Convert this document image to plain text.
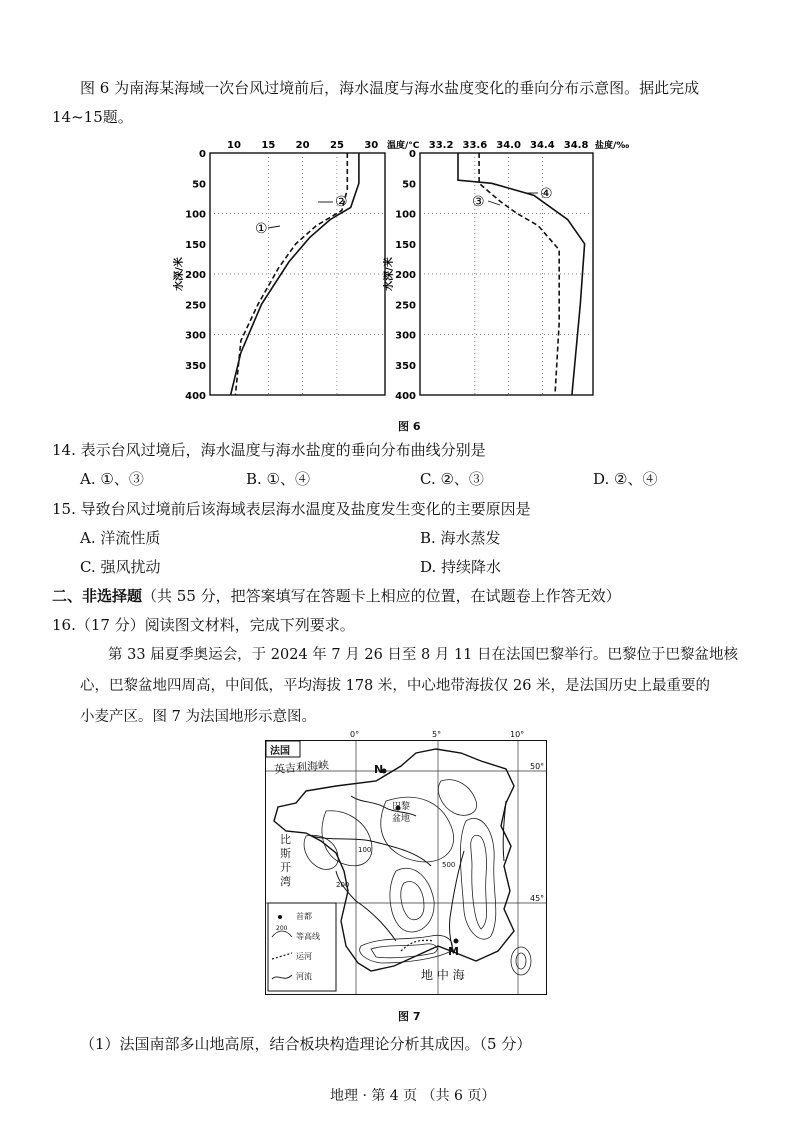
图 6 为南海某海域一次台风过境前后，海水温度与海水盐度变化的垂向分布示意图。据此完成
14~15题。
10 15 20 25 30 温度/°C
0
50
100
150
200
250
300
350
400
水深/米
①
②
33.2 33.6 34.0 34.4 34.8 盐度/‰
0
50
100
150
200
250
300
350
400
水深/米
③	④
图 6
14. 表示台风过境后，海水温度与海水盐度的垂向分布曲线分别是
A. ①、③	B. ①、④	C. ②、③	D. ②、④
15. 导致台风过境前后该海域表层海水温度及盐度发生变化的主要原因是
A. 洋流性质	B. 海水蒸发
C. 强风扰动	D. 持续降水
二、非选择题（共 55 分，把答案填写在答题卡上相应的位置，在试题卷上作答无效）
16.（17 分）阅读图文材料，完成下列要求。
第 33 届夏季奥运会，于 2024 年 7 月 26 日至 8 月 11 日在法国巴黎举行。巴黎位于巴黎盆地核
心，巴黎盆地四周高，中间低，平均海拔 178 米，中心地带海拔仅 26 米，是法国历史上最重要的
小麦产区。图 7 为法国地形示意图。
法国
英吉利海峡	N
巴黎
盆地
比
斯
开
湾
地 中 海
M
100
200
500
首都
200
等高线
运河
河流
0°	5°	10°
50°
45°
图 7
（1）法国南部多山地高原，结合板块构造理论分析其成因。（5 分）
地理 · 第 4 页 （共 6 页）
